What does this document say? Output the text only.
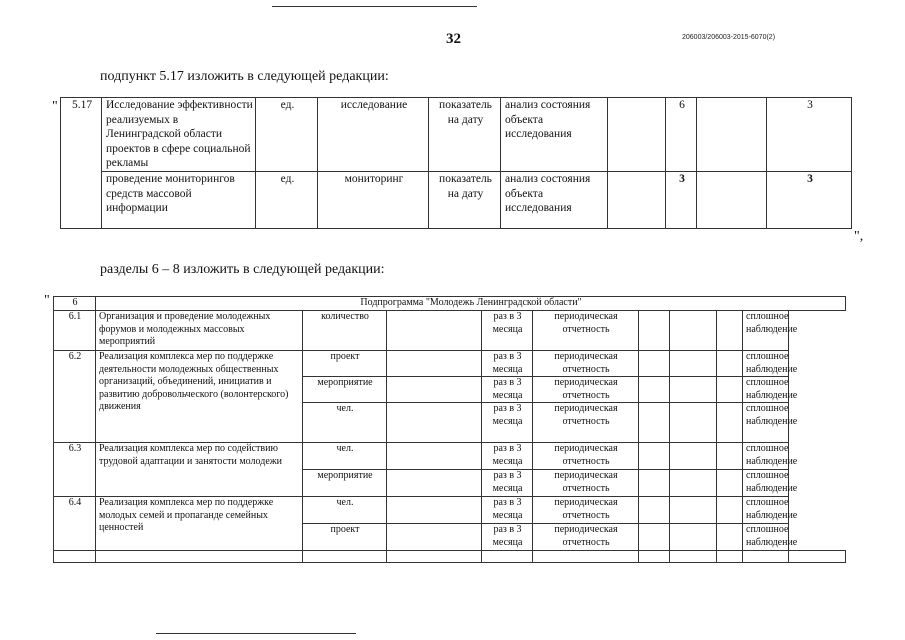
32	206003/206003-2015-6070(2)
подпункт 5.17 изложить в следующей редакции:
" 5.17	Исследование эффективности реализуемых в Ленинградской области проектов в сфере социальной рекламы	ед.	исследование	показатель на дату	анализ состояния объекта исследования		6		3
	проведение мониторингов средств массовой информации	ед.	мониторинг	показатель на дату	анализ состояния объекта исследования		3		3
",
разделы 6 – 8 изложить в следующей редакции:
" 6	Подпрограмма "Молодежь Ленинградской области"									
6.1	Организация и проведение молодежных форумов и молодежных массовых мероприятий	количество		раз в 3 месяца	периодическая отчетность				сплошное наблюдение	
6.2	Реализация комплекса мер по поддержке деятельности молодежных общественных организаций, объединений, инициатив и развитию добровольческого (волонтерского) движения	проект		раз в 3 месяца	периодическая отчетность				сплошное наблюдение	
		мероприятие		раз в 3 месяца	периодическая отчетность				сплошное наблюдение	
		чел.		раз в 3 месяца	периодическая отчетность				сплошное наблюдение	
6.3	Реализация комплекса мер по содействию трудовой адаптации и занятости молодежи	чел.		раз в 3 месяца	периодическая отчетность				сплошное наблюдение	
		мероприятие		раз в 3 месяца	периодическая отчетность				сплошное наблюдение	
6.4	Реализация комплекса мер по поддержке молодых семей и пропаганде семейных ценностей	чел.		раз в 3 месяца	периодическая отчетность				сплошное наблюдение	
		проект		раз в 3 месяца	периодическая отчетность				сплошное наблюдение	
